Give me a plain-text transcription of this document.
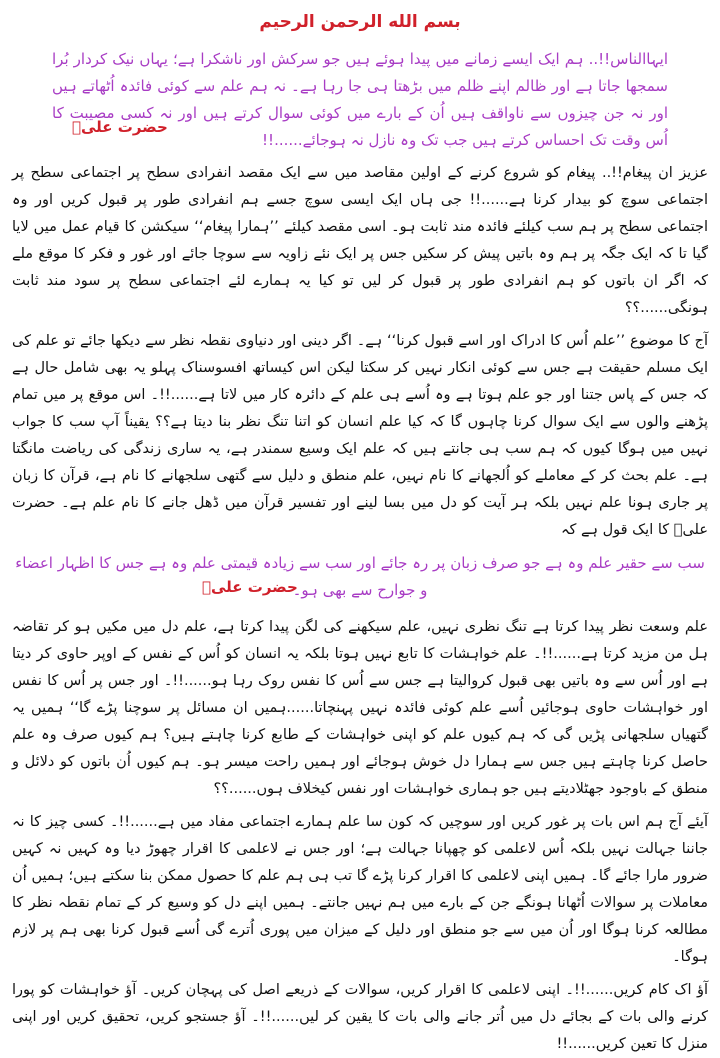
بسم الله الرحمن الرحیم
ایہاالناس!!.. ہم ایک ایسے زمانے میں پیدا ہوئے ہیں جو سرکش اور ناشکرا ہے؛ یہاں نیک کردار بُرا سمجھا جاتا ہے اور ظالم اپنے ظلم میں بڑھتا ہی جا رہا ہے۔ نہ ہم علم سے کوئی فائدہ اُٹھاتے ہیں اور نہ جن چیزوں سے ناواقف ہیں اُن کے بارے میں کوئی سوال کرتے ہیں اور نہ کسی مصیبت کا اُس وقت تک احساس کرتے ہیں جب تک وہ نازل نہ ہوجائے......!!
حضرت علیؑ

عزیز ان پیغام!!.. پیغام کو شروع کرنے کے اولین مقاصد میں سے ایک مقصد انفرادی سطح پر اجتماعی سطح پر اجتماعی سوچ کو بیدار کرنا ہے......!! جی ہاں ایک ایسی سوچ جسے ہم انفرادی طور پر قبول کریں اور وہ اجتماعی سطح پر ہم سب کیلئے فائدہ مند ثابت ہو۔ اسی مقصد کیلئے ’’ہمارا پیغام‘‘ سیکشن کا قیام عمل میں لایا گیا تا کہ ایک جگہ پر ہم وہ باتیں پیش کر سکیں جس پر ایک نئے زاویہ سے سوچا جائے اور غور و فکر کا موقع ملے کہ اگر ان باتوں کو ہم انفرادی طور پر قبول کر لیں تو کیا یہ ہمارے لئے اجتماعی سطح پر سود مند ثابت ہونگی......؟؟

آج کا موضوع ’’علم اُس کا ادراک اور اسے قبول کرنا‘‘ ہے۔ اگر دینی اور دنیاوی نقطہ نظر سے دیکھا جائے تو علم کی ایک مسلم حقیقت ہے جس سے کوئی انکار نہیں کر سکتا لیکن اس کیساتھ افسوسناک پہلو یہ بھی شامل حال ہے کہ جس کے پاس جتنا اور جو علم ہوتا ہے وہ اُسے ہی علم کے دائرہ کار میں لاتا ہے......!!۔ اس موقع پر میں تمام پڑھنے والوں سے ایک سوال کرنا چاہوں گا کہ کیا علم انسان کو اتنا تنگ نظر بنا دیتا ہے؟؟ یقیناً آپ سب کا جواب نہیں میں ہوگا کیوں کہ ہم سب ہی جانتے ہیں کہ علم ایک وسیع سمندر ہے، یہ ساری زندگی کی ریاضت مانگتا ہے۔ علم بحث کر کے معاملے کو اُلجھانے کا نام نہیں، علم منطق و دلیل سے گتھی سلجھانے کا نام ہے، قرآن کا زبان پر جاری ہونا علم نہیں بلکہ ہر آیت کو دل میں بسا لینے اور تفسیر قرآن میں ڈھل جانے کا نام علم ہے۔ حضرت علیؑ کا ایک قول ہے کہ

سب سے حقیر علم وہ ہے جو صرف زبان پر رہ جائے اور سب سے زیادہ قیمتی علم وہ ہے جس کا اظہار اعضاء و جوارح سے بھی ہو۔
حضرت علیؑ

علم وسعت نظر پیدا کرتا ہے تنگ نظری نہیں، علم سیکھنے کی لگن پیدا کرتا ہے، علم دل میں مکیں ہو کر تقاضہ ہل من مزید کرتا ہے......!!۔ علم خواہشات کا تابع نہیں ہوتا بلکہ یہ انسان کو اُس کے نفس کے اوپر حاوی کر دیتا ہے اور اُس سے وہ باتیں بھی قبول کروالیتا ہے جس سے اُس کا نفس روک رہا ہو......!!۔ اور جس پر اُس کا نفس اور خواہشات حاوی ہوجائیں اُسے علم کوئی فائدہ نہیں پہنچاتا......ہمیں ان مسائل پر سوچنا پڑے گا‘‘ ہمیں یہ گتھیاں سلجھانی پڑیں گی کہ ہم کیوں علم کو اپنی خواہشات کے طابع کرنا چاہتے ہیں؟ ہم کیوں صرف وہ علم حاصل کرنا چاہتے ہیں جس سے ہمارا دل خوش ہوجائے اور ہمیں راحت میسر ہو۔ ہم کیوں اُن باتوں کو دلائل و منطق کے باوجود جھٹلادیتے ہیں جو ہماری خواہشات اور نفس کیخلاف ہوں......؟؟

آیئے آج ہم اس بات پر غور کریں اور سوچیں کہ کون سا علم ہمارے اجتماعی مفاد میں ہے......!!۔ کسی چیز کا نہ جاننا جہالت نہیں بلکہ اُس لاعلمی کو چھپانا جہالت ہے؛ اور جس نے لاعلمی کا اقرار چھوڑ دیا وہ کہیں نہ کہیں ضرور مارا جائے گا۔ ہمیں اپنی لاعلمی کا اقرار کرنا پڑے گا تب ہی ہم علم کا حصول ممکن بنا سکتے ہیں؛ ہمیں اُن معاملات پر سوالات اُٹھانا ہونگے جن کے بارے میں ہم نہیں جانتے۔ ہمیں اپنے دل کو وسیع کر کے تمام نقطہ نظر کا مطالعہ کرنا ہوگا اور اُن میں سے جو منطق اور دلیل کے میزان میں پوری اُترے گی اُسے قبول کرنا بھی ہم پر لازم ہوگا۔

آؤ اک کام کریں......!!۔ اپنی لاعلمی کا اقرار کریں، سوالات کے ذریعے اصل کی پہچان کریں۔ آؤ خواہشات کو پورا کرنے والی بات کے بجائے دل میں اُتر جانے والی بات کا یقین کر لیں......!!۔ آؤ جستجو کریں، تحقیق کریں اور اپنی منزل کا تعین کریں......!!
